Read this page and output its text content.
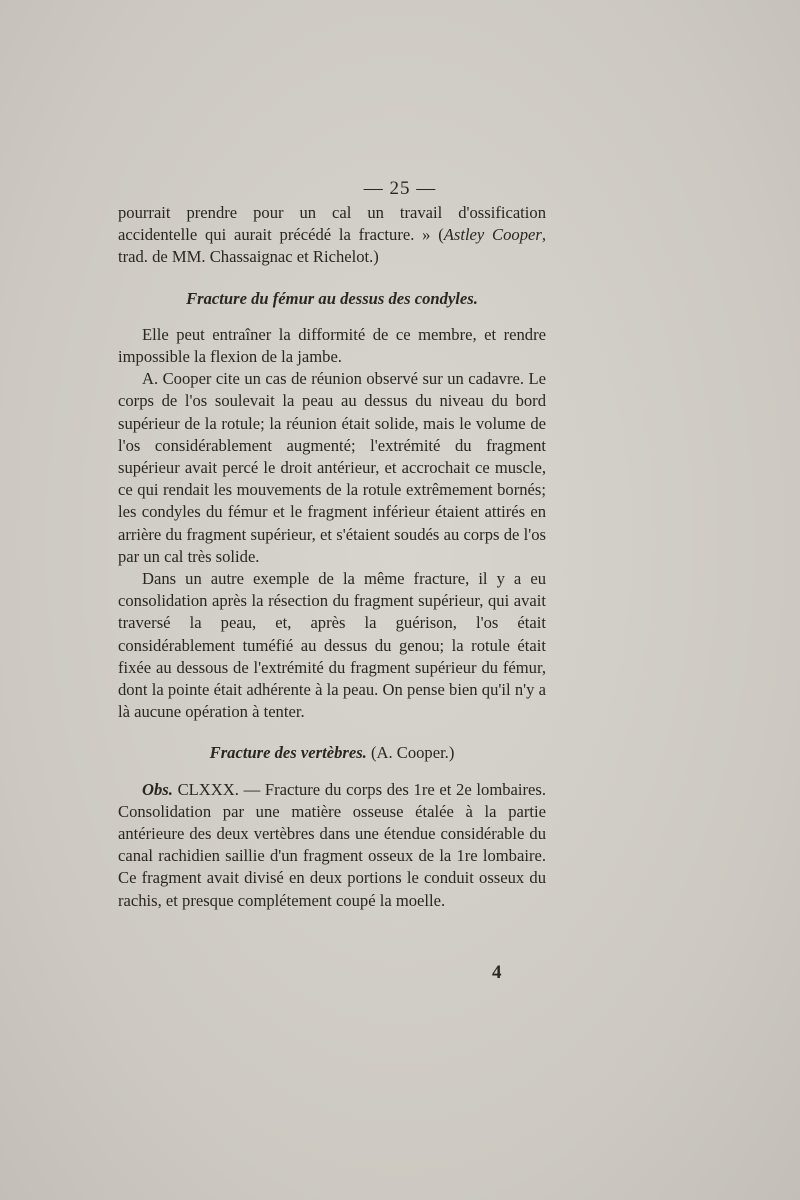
— 25 —

pourrait prendre pour un cal un travail d'ossification accidentelle qui aurait précédé la fracture. » (Astley Cooper, trad. de MM. Chassaignac et Richelot.)

Fracture du fémur au dessus des condyles.

Elle peut entraîner la difformité de ce membre, et rendre impossible la flexion de la jambe.

A. Cooper cite un cas de réunion observé sur un cadavre. Le corps de l'os soulevait la peau au dessus du niveau du bord supérieur de la rotule; la réunion était solide, mais le volume de l'os considérablement augmenté; l'extrémité du fragment supérieur avait percé le droit antérieur, et accrochait ce muscle, ce qui rendait les mouvements de la rotule extrêmement bornés; les condyles du fémur et le fragment inférieur étaient attirés en arrière du fragment supérieur, et s'étaient soudés au corps de l'os par un cal très solide.

Dans un autre exemple de la même fracture, il y a eu consolidation après la résection du fragment supérieur, qui avait traversé la peau, et, après la guérison, l'os était considérablement tuméfié au dessus du genou; la rotule était fixée au dessous de l'extrémité du fragment supérieur du fémur, dont la pointe était adhérente à la peau. On pense bien qu'il n'y a là aucune opération à tenter.

Fracture des vertèbres. (A. Cooper.)

Obs. CLXXX. — Fracture du corps des 1re et 2e lombaires. Consolidation par une matière osseuse étalée à la partie antérieure des deux vertèbres dans une étendue considérable du canal rachidien saillie d'un fragment osseux de la 1re lombaire. Ce fragment avait divisé en deux portions le conduit osseux du rachis, et presque complétement coupé la moelle.

4
